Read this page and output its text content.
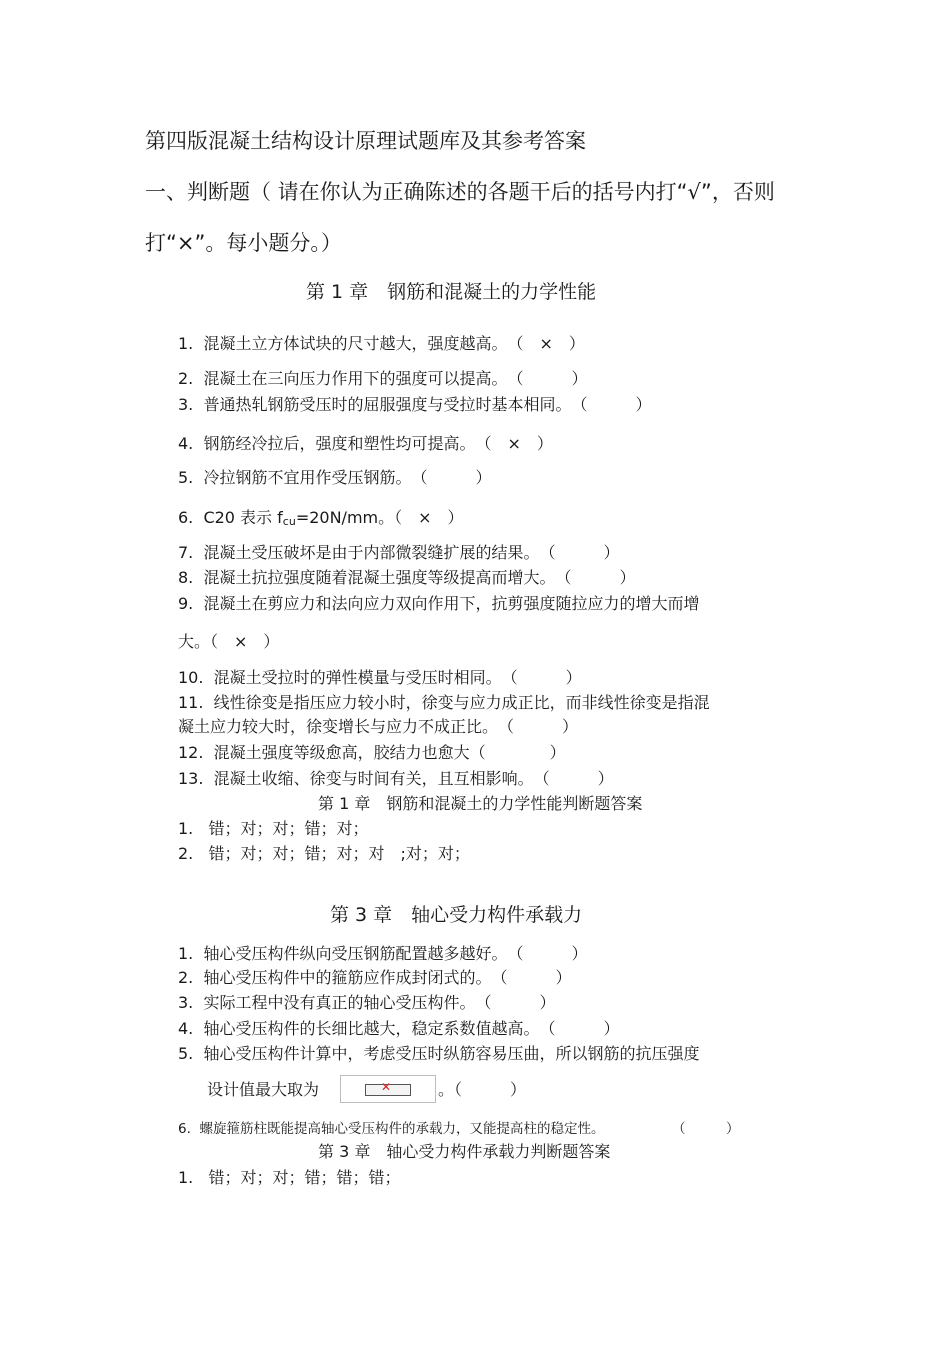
第四版混凝土结构设计原理试题库及其参考答案
一、判断题（ 请在你认为正确陈述的各题干后的括号内打“√”，否则
打“×”。每小题分。）
第 1 章　钢筋和混凝土的力学性能
1.  混凝土立方体试块的尺寸越大，强度越高。　（　×　）
2.  混凝土在三向压力作用下的强度可以提高。　（　　　）
3.  普通热轧钢筋受压时的屈服强度与受拉时基本相同。　（　　　）
4.  钢筋经冷拉后，强度和塑性均可提高。　（　×　）
5.  冷拉钢筋不宜用作受压钢筋。　（　　　）
6.  C20 表示 fcu=20N/mm。（　×　）
7.  混凝土受压破坏是由于内部微裂缝扩展的结果。　（　　　）
8.  混凝土抗拉强度随着混凝土强度等级提高而增大。　（　　　）
9.  混凝土在剪应力和法向应力双向作用下，抗剪强度随拉应力的增大而增
大。（　×　）
10.  混凝土受拉时的弹性模量与受压时相同。　（　　　）
11.  线性徐变是指压应力较小时，徐变与应力成正比，而非线性徐变是指混
凝土应力较大时，徐变增长与应力不成正比。　（　　　）
12.  混凝土强度等级愈高，胶结力也愈大（　　　　）
13.  混凝土收缩、徐变与时间有关，且互相影响。　（　　　）
第 1 章　钢筋和混凝土的力学性能判断题答案
1.   错；对；对；错；对；
2.   错；对；对；错；对；对　;对；对；
第 3 章　轴心受力构件承载力
1.  轴心受压构件纵向受压钢筋配置越多越好。　（　　　）
2.  轴心受压构件中的箍筋应作成封闭式的。　（　　　）
3.  实际工程中没有真正的轴心受压构件。　（　　　）
4.  轴心受压构件的长细比越大，稳定系数值越高。　（　　　）
5.  轴心受压构件计算中，考虑受压时纵筋容易压曲，所以钢筋的抗压强度
设计值最大取为	✕	。（　　　）
6.  螺旋箍筋柱既能提高轴心受压构件的承载力，又能提高柱的稳定性。　　　　　　（　　　）
第 3 章　轴心受力构件承载力判断题答案
1.   错；对；对；错；错；错；
